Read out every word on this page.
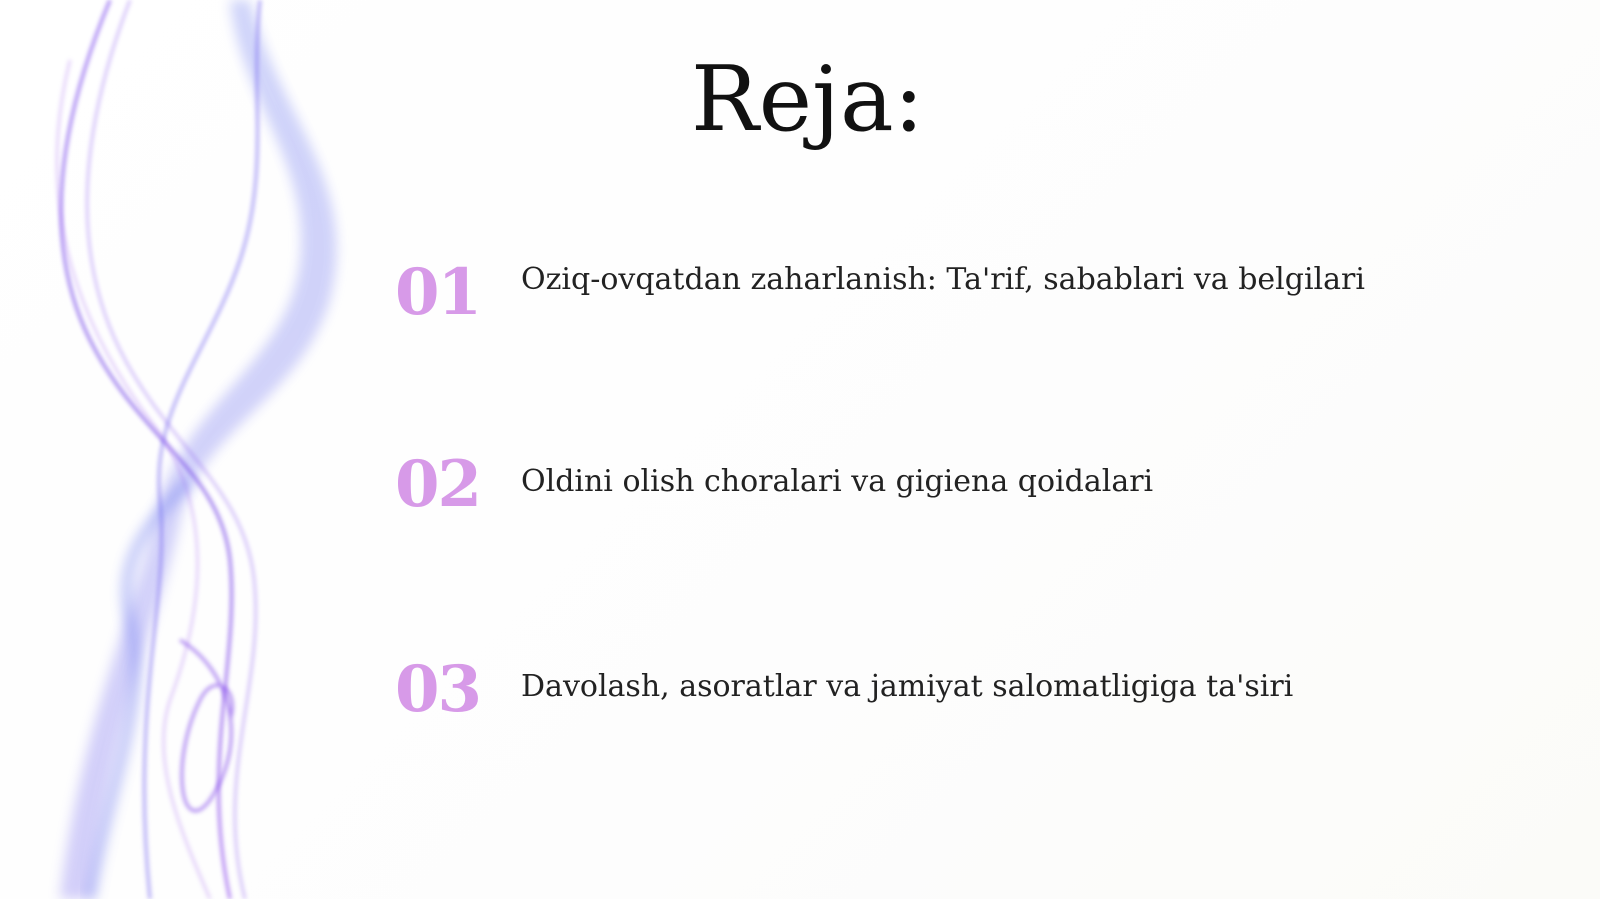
Reja:
01 Oziq-ovqatdan zaharlanish: Ta'rif, sabablari va belgilari
02 Oldini olish choralari va gigiena qoidalari
03 Davolash, asoratlar va jamiyat salomatligiga ta'siri
